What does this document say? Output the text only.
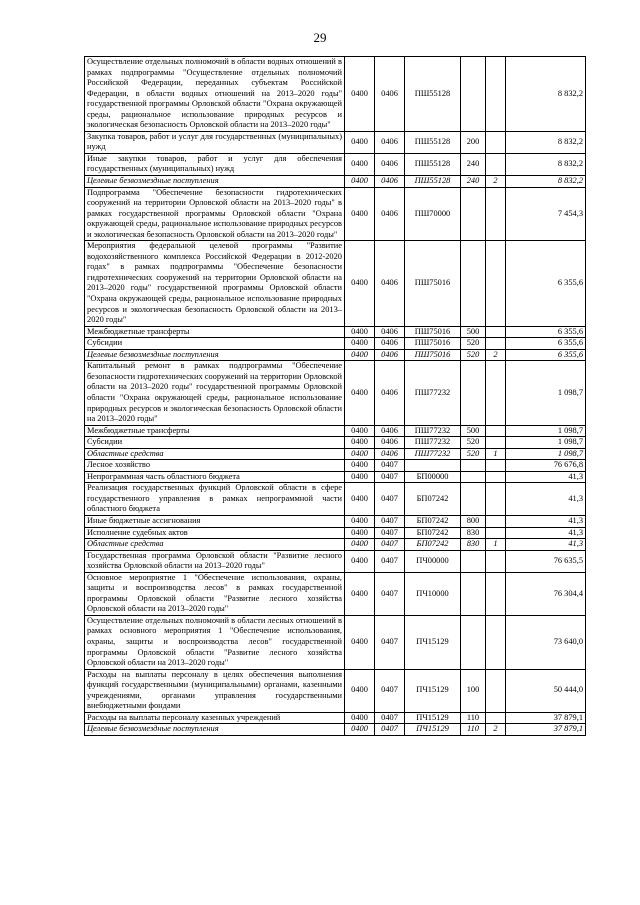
29
Осуществление отдельных полномочий в области водных отношений в рамках подпрограммы "Осуществление отдельных полномочий Российской Федерации, переданных субъектам Российской Федерации, в области водных отношений на 2013–2020 годы" государственной программы Орловской области "Охрана окружающей среды, рациональное использование природных ресурсов и экологическая безопасность Орловской области на 2013–2020 годы"	0400	0406	ПШ55128			8 832,2
Закупка товаров, работ и услуг для государственных (муниципальных) нужд	0400	0406	ПШ55128	200		8 832,2
Иные закупки товаров, работ и услуг для обеспечения государственных (муниципальных) нужд	0400	0406	ПШ55128	240		8 832,2
Целевые безвозмездные поступления	0400	0406	ПШ55128	240	2	8 832,2
Подпрограмма "Обеспечение безопасности гидротехнических сооружений на территории Орловской области на 2013–2020 годы" в рамках государственной программы Орловской области "Охрана окружающей среды, рациональное использование природных ресурсов и экологическая безопасность Орловской области на 2013–2020 годы"	0400	0406	ПШ70000			7 454,3
Мероприятия федеральной целевой программы "Развитие водохозяйственного комплекса Российской Федерации в 2012-2020 годах" в рамках подпрограммы "Обеспечение безопасности гидротехнических сооружений на территории Орловской области на 2013–2020 годы" государственной программы Орловской области "Охрана окружающей среды, рациональное использование природных ресурсов и экологическая безопасность Орловской области на 2013–2020 годы"	0400	0406	ПШ75016			6 355,6
Межбюджетные трансферты	0400	0406	ПШ75016	500		6 355,6
Субсидии	0400	0406	ПШ75016	520		6 355,6
Целевые безвозмездные поступления	0400	0406	ПШ75016	520	2	6 355,6
Капитальный ремонт в рамках подпрограммы "Обеспечение безопасности гидротехнических сооружений на территории Орловской области на 2013–2020 годы" государственной программы Орловской области "Охрана окружающей среды, рациональное использование природных ресурсов и экологическая безопасность Орловской области на 2013–2020 годы"	0400	0406	ПШ77232			1 098,7
Межбюджетные трансферты	0400	0406	ПШ77232	500		1 098,7
Субсидии	0400	0406	ПШ77232	520		1 098,7
Областные средства	0400	0406	ПШ77232	520	1	1 098,7
Лесное хозяйство	0400	0407				76 676,8
Непрограммная часть областного бюджета	0400	0407	БП00000			41,3
Реализация государственных функций Орловской области в сфере государственного управления в рамках непрограммной части областного бюджета	0400	0407	БП07242			41,3
Иные бюджетные ассигнования	0400	0407	БП07242	800		41,3
Исполнение судебных актов	0400	0407	БП07242	830		41,3
Областные средства	0400	0407	БП07242	830	1	41,3
Государственная программа Орловской области "Развитие лесного хозяйства Орловской области на 2013–2020 годы"	0400	0407	ПЧ00000			76 635,5
Основное мероприятие 1 "Обеспечение использования, охраны, защиты и воспроизводства лесов" в рамках государственной программы Орловской области "Развитие лесного хозяйства Орловской области на 2013–2020 годы"	0400	0407	ПЧ10000			76 304,4
Осуществление отдельных полномочий в области лесных отношений в рамках основного мероприятия 1 "Обеспечение использования, охраны, защиты и воспроизводства лесов" государственной программы Орловской области "Развитие лесного хозяйства Орловской области на 2013–2020 годы"	0400	0407	ПЧ15129			73 640,0
Расходы на выплаты персоналу в целях обеспечения выполнения функций государственными (муниципальными) органами, казенными учреждениями, органами управления государственными внебюджетными фондами	0400	0407	ПЧ15129	100		50 444,0
Расходы на выплаты персоналу казенных учреждений	0400	0407	ПЧ15129	110		37 879,1
Целевые безвозмездные поступления	0400	0407	ПЧ15129	110	2	37 879,1
